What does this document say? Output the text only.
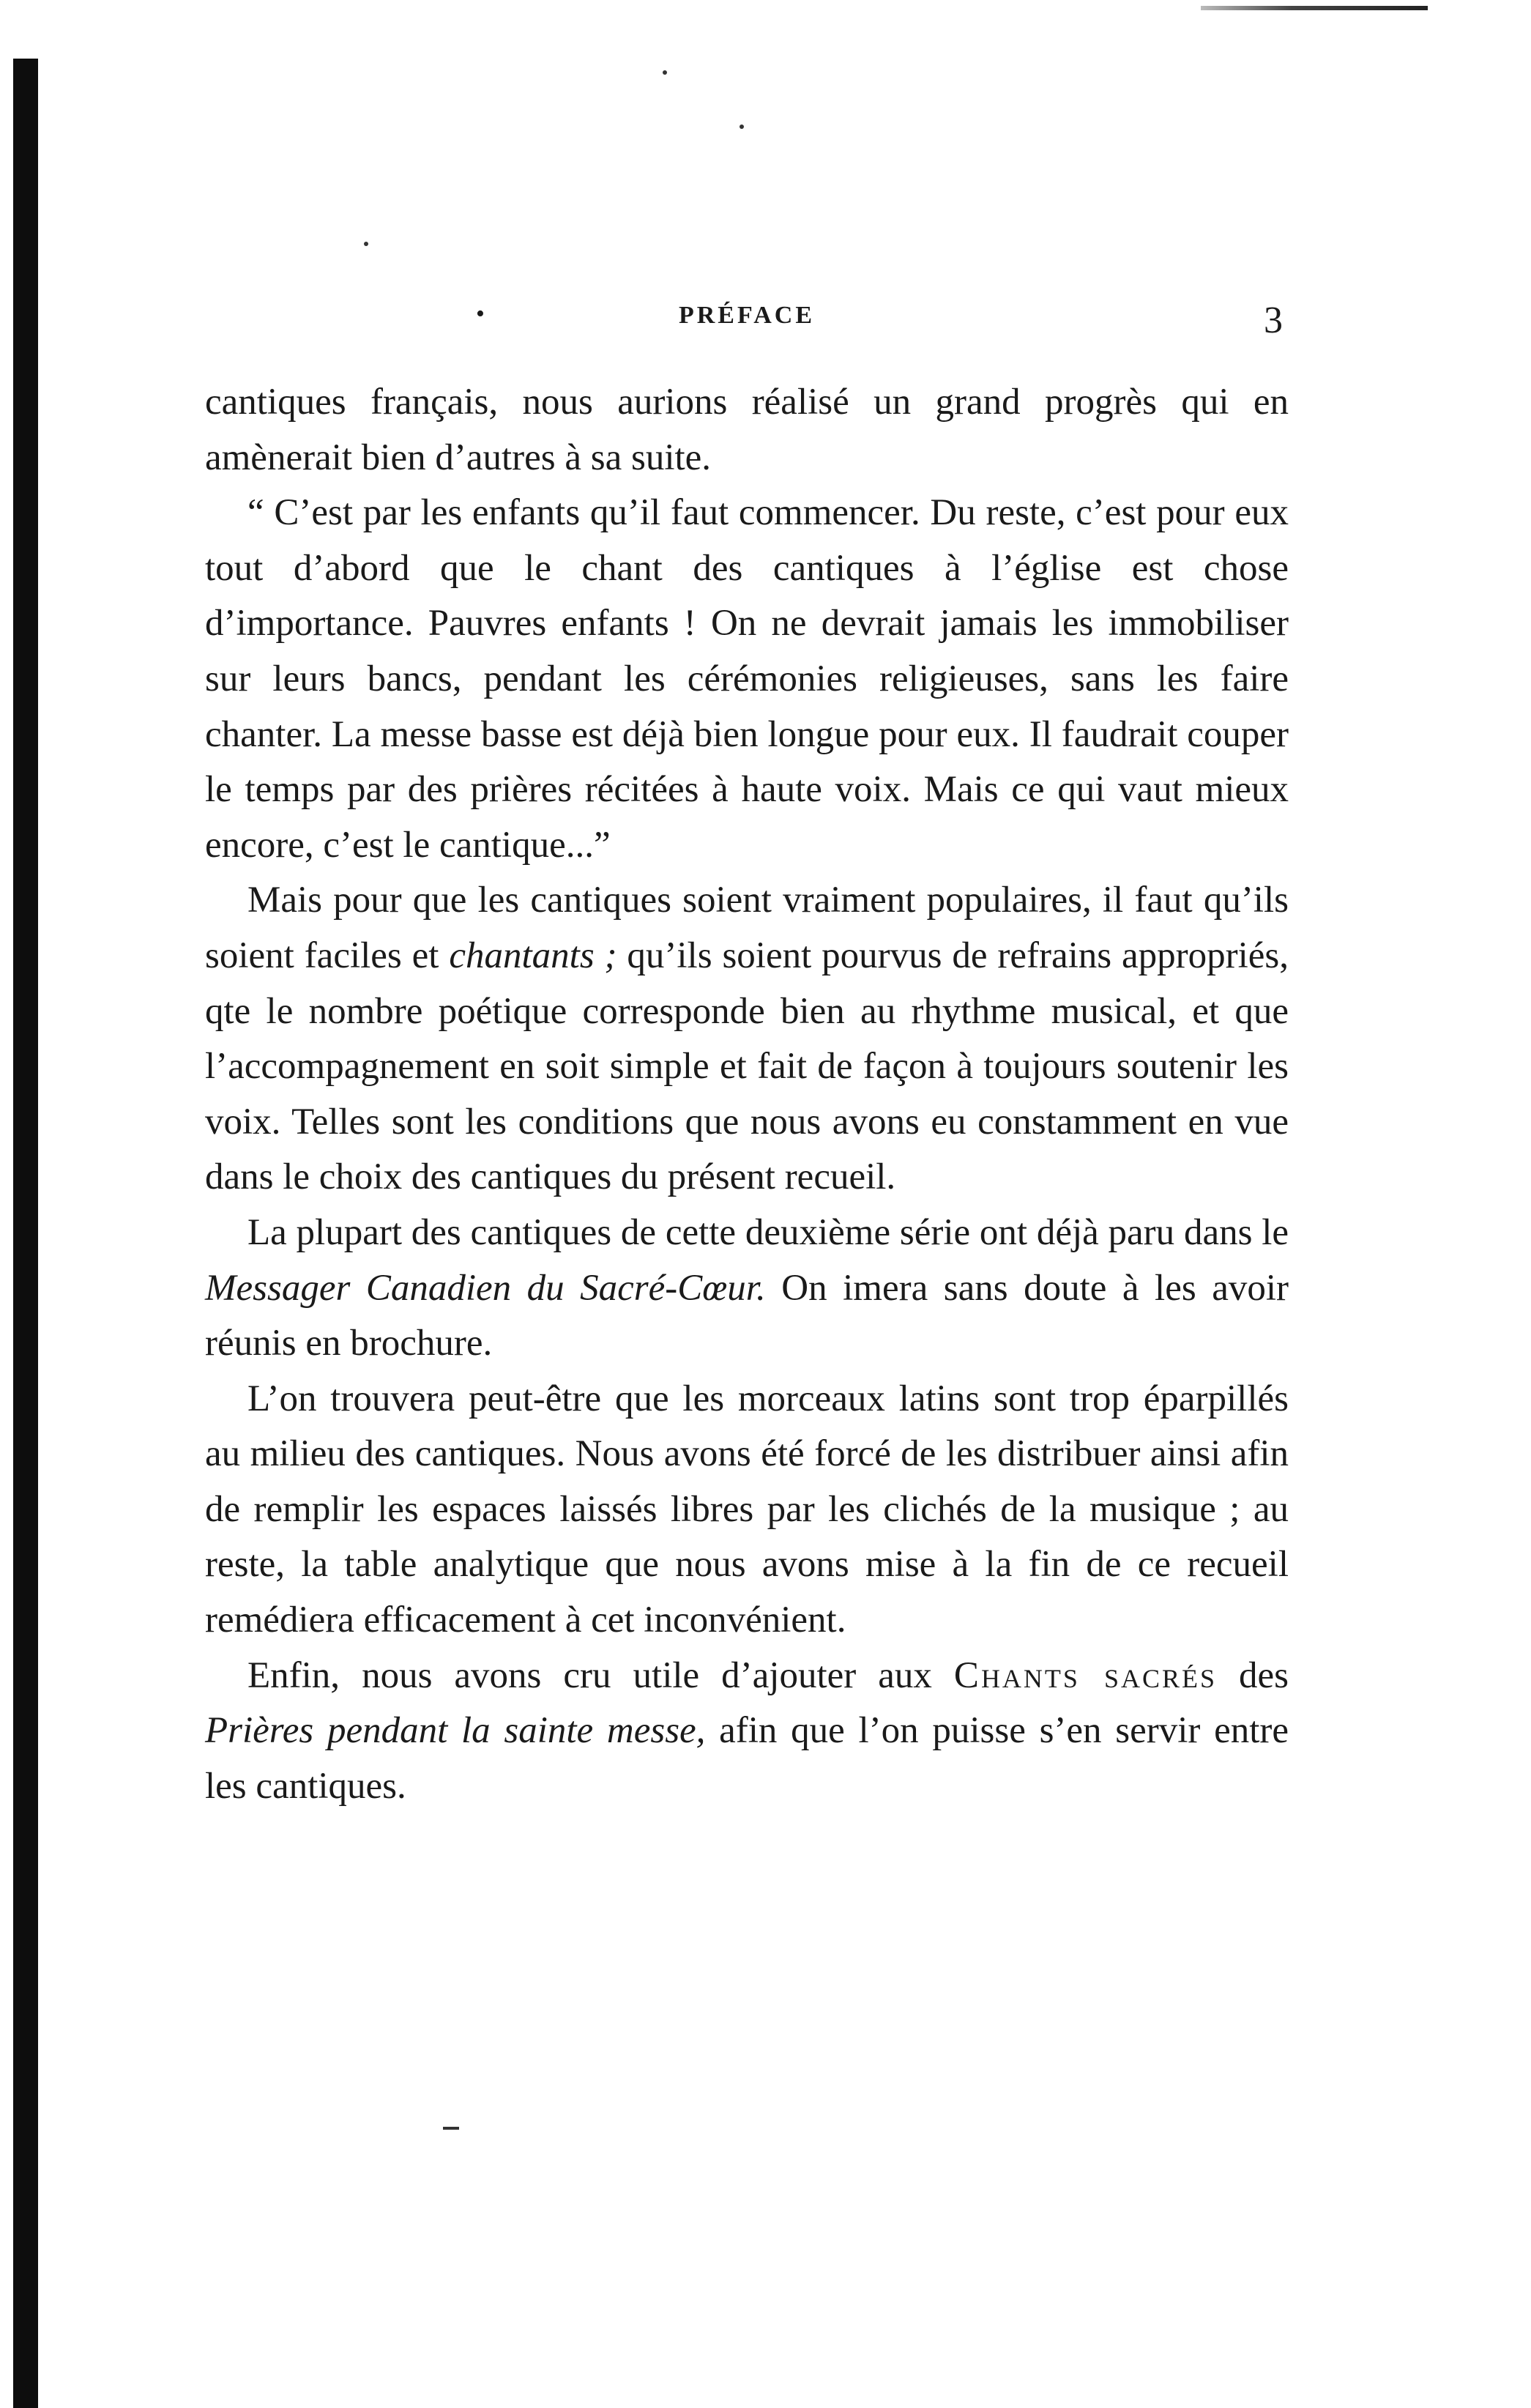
•	PRÉFACE	3

cantiques français, nous aurions réalisé un grand progrès qui en amènerait bien d’autres à sa suite.

“ C’est par les enfants qu’il faut commencer. Du reste, c’est pour eux tout d’abord que le chant des cantiques à l’église est chose d’importance. Pauvres enfants ! On ne devrait jamais les immobiliser sur leurs bancs, pendant les cérémonies religieuses, sans les faire chanter. La messe basse est déjà bien longue pour eux. Il faudrait couper le temps par des prières récitées à haute voix. Mais ce qui vaut mieux encore, c’est le cantique...”

Mais pour que les cantiques soient vraiment populaires, il faut qu’ils soient faciles et chantants ; qu’ils soient pourvus de refrains appropriés, qte le nombre poétique corresponde bien au rhythme musical, et que l’accompagnement en soit simple et fait de façon à toujours soutenir les voix. Telles sont les conditions que nous avons eu constamment en vue dans le choix des cantiques du présent recueil.

La plupart des cantiques de cette deuxième série ont déjà paru dans le Messager Canadien du Sacré-Cœur. On imera sans doute à les avoir réunis en brochure.

L’on trouvera peut-être que les morceaux latins sont trop éparpillés au milieu des cantiques. Nous avons été forcé de les distribuer ainsi afin de remplir les espaces laissés libres par les clichés de la musique ; au reste, la table analytique que nous avons mise à la fin de ce recueil remédiera efficacement à cet inconvénient.

Enfin, nous avons cru utile d’ajouter aux Chants sacrés des Prières pendant la sainte messe, afin que l’on puisse s’en servir entre les cantiques.
